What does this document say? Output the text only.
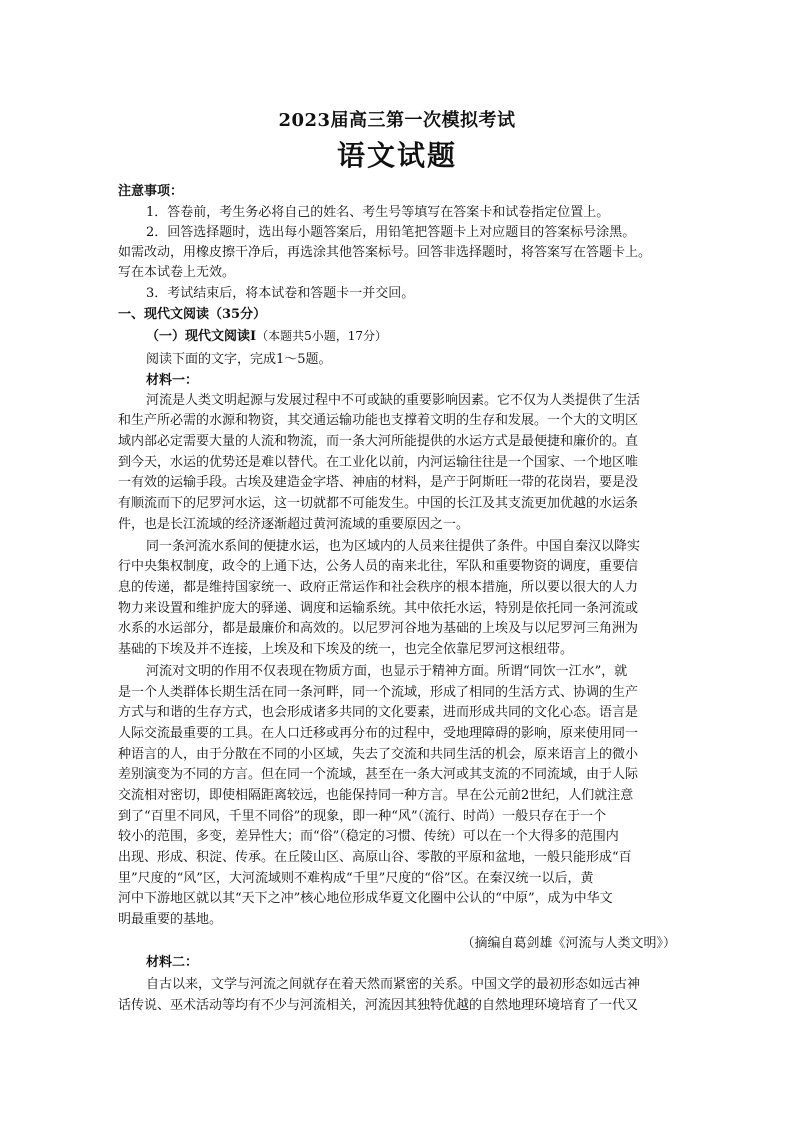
2023届高三第一次模拟考试
语文试题
注意事项：
1．答卷前，考生务必将自己的姓名、考生号等填写在答案卡和试卷指定位置上。
2．回答选择题时，选出每小题答案后，用铅笔把答题卡上对应题目的答案标号涂黑。
如需改动，用橡皮擦干净后，再选涂其他答案标号。回答非选择题时，将答案写在答题卡上。
写在本试卷上无效。
3．考试结束后，将本试卷和答题卡一并交回。
一、现代文阅读（35分）
（一）现代文阅读Ⅰ（本题共5小题，17分）
阅读下面的文字，完成1～5题。
材料一：
河流是人类文明起源与发展过程中不可或缺的重要影响因素。它不仅为人类提供了生活
和生产所必需的水源和物资，其交通运输功能也支撑着文明的生存和发展。一个大的文明区
域内部必定需要大量的人流和物流，而一条大河所能提供的水运方式是最便捷和廉价的。直
到今天，水运的优势还是难以替代。在工业化以前，内河运输往往是一个国家、一个地区唯
一有效的运输手段。古埃及建造金字塔、神庙的材料，是产于阿斯旺一带的花岗岩，要是没
有顺流而下的尼罗河水运，这一切就都不可能发生。中国的长江及其支流更加优越的水运条
件，也是长江流域的经济逐渐超过黄河流域的重要原因之一。
同一条河流水系间的便捷水运，也为区域内的人员来往提供了条件。中国自秦汉以降实
行中央集权制度，政令的上通下达，公务人员的南来北往，军队和重要物资的调度，重要信
息的传递，都是维持国家统一、政府正常运作和社会秩序的根本措施，所以要以很大的人力
物力来设置和维护庞大的驿递、调度和运输系统。其中依托水运，特别是依托同一条河流或
水系的水运部分，都是最廉价和高效的。以尼罗河谷地为基础的上埃及与以尼罗河三角洲为
基础的下埃及并不连接，上埃及和下埃及的统一，也完全依靠尼罗河这根纽带。
河流对文明的作用不仅表现在物质方面，也显示于精神方面。所谓“同饮一江水”，就
是一个人类群体长期生活在同一条河畔，同一个流域，形成了相同的生活方式、协调的生产
方式与和谐的生存方式，也会形成诸多共同的文化要素，进而形成共同的文化心态。语言是
人际交流最重要的工具。在人口迁移或再分布的过程中，受地理障碍的影响，原来使用同一
种语言的人，由于分散在不同的小区域，失去了交流和共同生活的机会，原来语言上的微小
差别演变为不同的方言。但在同一个流域，甚至在一条大河或其支流的不同流域，由于人际
交流相对密切，即使相隔距离较远，也能保持同一种方言。早在公元前2世纪，人们就注意
到了“百里不同风，千里不同俗”的现象，即一种“风”（流行、时尚）一般只存在于一个
较小的范围，多变，差异性大；而“俗”（稳定的习惯、传统）可以在一个大得多的范围内
出现、形成、积淀、传承。在丘陵山区、高原山谷、零散的平原和盆地，一般只能形成“百
里”尺度的“风”区，大河流域则不难构成“千里”尺度的“俗”区。在秦汉统一以后，黄
河中下游地区就以其“天下之冲”核心地位形成华夏文化圈中公认的“中原”，成为中华文
明最重要的基地。
（摘编自葛剑雄《河流与人类文明》）
材料二：
自古以来，文学与河流之间就存在着天然而紧密的关系。中国文学的最初形态如远古神
话传说、巫术活动等均有不少与河流相关，河流因其独特优越的自然地理环境培育了一代又
